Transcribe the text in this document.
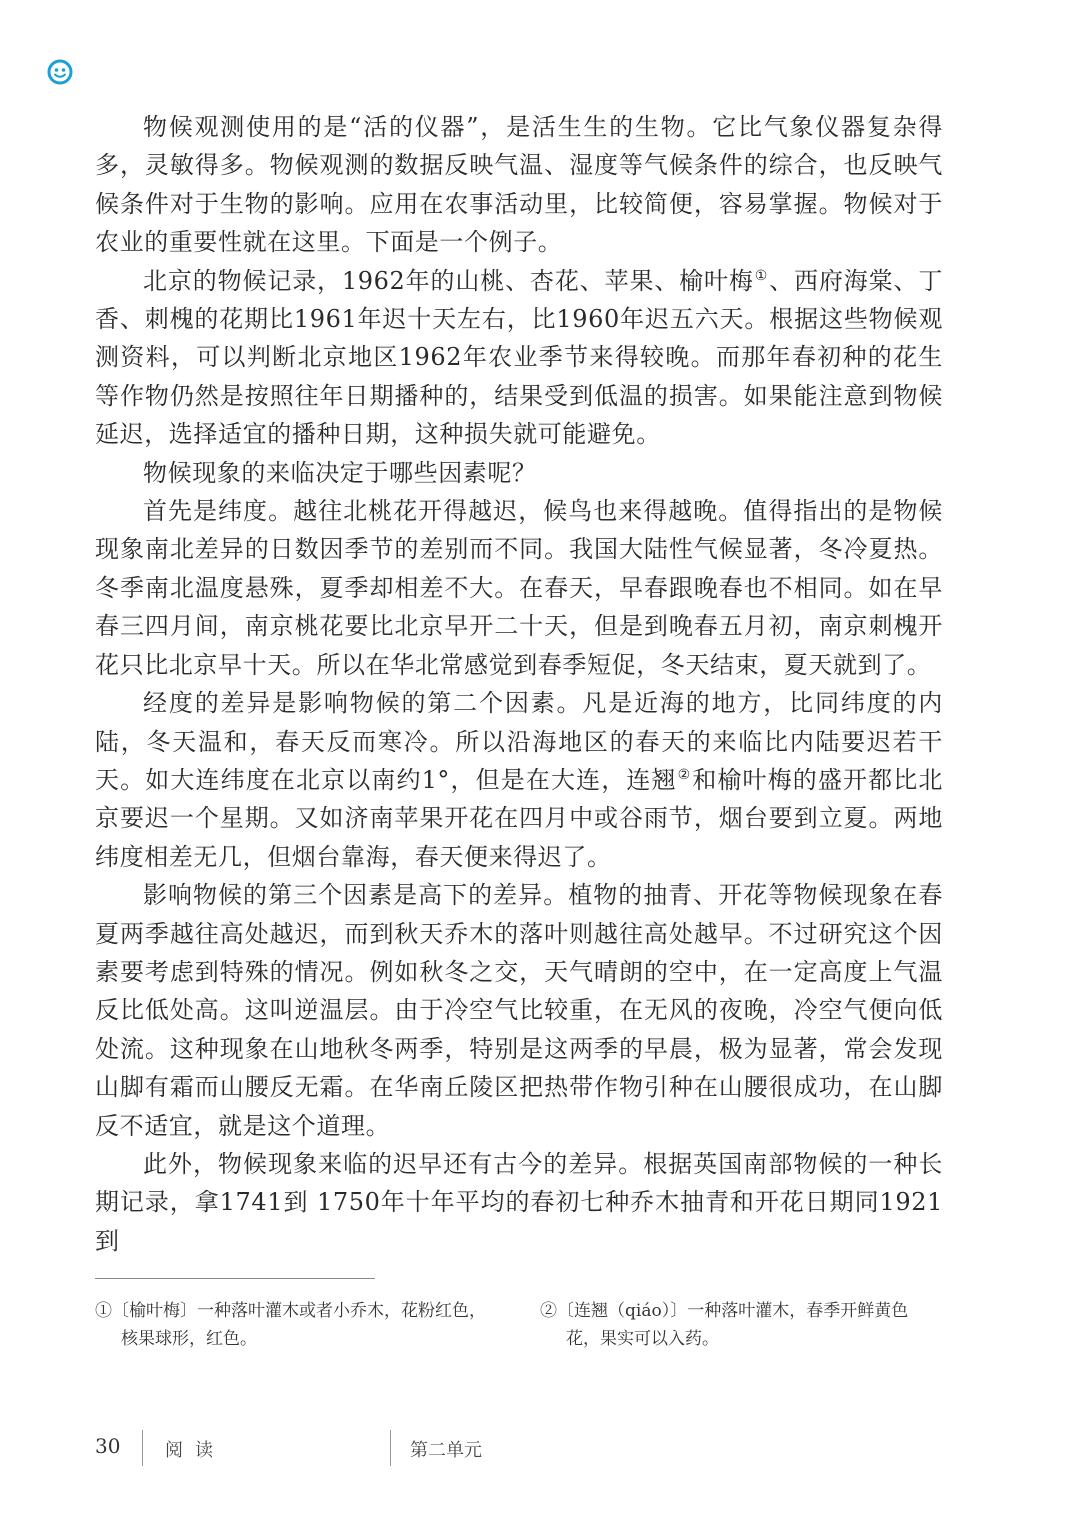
物候观测使用的是“活的仪器”，是活生生的生物。它比气象仪器复杂得多，灵敏得多。物候观测的数据反映气温、湿度等气候条件的综合，也反映气候条件对于生物的影响。应用在农事活动里，比较简便，容易掌握。物候对于农业的重要性就在这里。下面是一个例子。

北京的物候记录，1962年的山桃、杏花、苹果、榆叶梅①、西府海棠、丁香、刺槐的花期比1961年迟十天左右，比1960年迟五六天。根据这些物候观测资料，可以判断北京地区1962年农业季节来得较晚。而那年春初种的花生等作物仍然是按照往年日期播种的，结果受到低温的损害。如果能注意到物候延迟，选择适宜的播种日期，这种损失就可能避免。

物候现象的来临决定于哪些因素呢？

首先是纬度。越往北桃花开得越迟，候鸟也来得越晚。值得指出的是物候现象南北差异的日数因季节的差别而不同。我国大陆性气候显著，冬冷夏热。冬季南北温度悬殊，夏季却相差不大。在春天，早春跟晚春也不相同。如在早春三四月间，南京桃花要比北京早开二十天，但是到晚春五月初，南京刺槐开花只比北京早十天。所以在华北常感觉到春季短促，冬天结束，夏天就到了。

经度的差异是影响物候的第二个因素。凡是近海的地方，比同纬度的内陆，冬天温和，春天反而寒冷。所以沿海地区的春天的来临比内陆要迟若干天。如大连纬度在北京以南约1°，但是在大连，连翘②和榆叶梅的盛开都比北京要迟一个星期。又如济南苹果开花在四月中或谷雨节，烟台要到立夏。两地纬度相差无几，但烟台靠海，春天便来得迟了。

影响物候的第三个因素是高下的差异。植物的抽青、开花等物候现象在春夏两季越往高处越迟，而到秋天乔木的落叶则越往高处越早。不过研究这个因素要考虑到特殊的情况。例如秋冬之交，天气晴朗的空中，在一定高度上气温反比低处高。这叫逆温层。由于冷空气比较重，在无风的夜晚，冷空气便向低处流。这种现象在山地秋冬两季，特别是这两季的早晨，极为显著，常会发现山脚有霜而山腰反无霜。在华南丘陵区把热带作物引种在山腰很成功，在山脚反不适宜，就是这个道理。

此外，物候现象来临的迟早还有古今的差异。根据英国南部物候的一种长期记录，拿1741到 1750年十年平均的春初七种乔木抽青和开花日期同1921到

①〔榆叶梅〕一种落叶灌木或者小乔木，花粉红色，核果球形，红色。

②〔连翘（qiáo）〕一种落叶灌木，春季开鲜黄色花，果实可以入药。

30 阅读	第二单元
